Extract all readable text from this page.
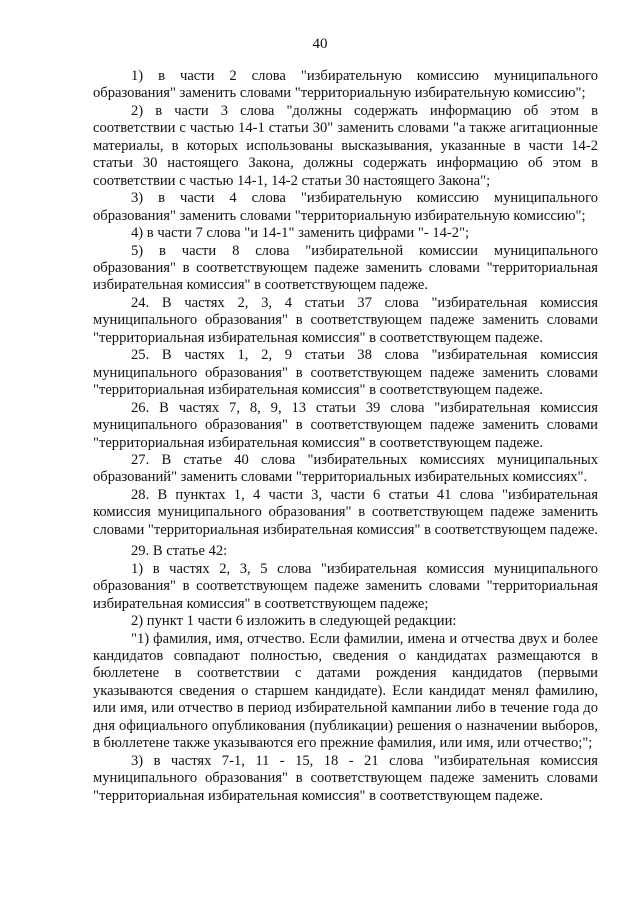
40

1) в части 2 слова "избирательную комиссию муниципального образования" заменить словами "территориальную избирательную комиссию";

2) в части 3 слова "должны содержать информацию об этом в соответствии с частью 14-1 статьи 30" заменить словами "а также агитационные материалы, в которых использованы высказывания, указанные в части 14-2 статьи 30 настоящего Закона, должны содержать информацию об этом в соответствии с частью 14-1, 14-2 статьи 30 настоящего Закона";

3) в части 4 слова "избирательную комиссию муниципального образования" заменить словами "территориальную избирательную комиссию";

4) в части 7 слова "и 14-1" заменить цифрами "- 14-2";

5) в части 8 слова "избирательной комиссии муниципального образования" в соответствующем падеже заменить словами "территориальная избирательная комиссия" в соответствующем падеже.

24. В частях 2, 3, 4 статьи 37 слова "избирательная комиссия муниципального образования" в соответствующем падеже заменить словами "территориальная избирательная комиссия" в соответствующем падеже.

25. В частях 1, 2, 9 статьи 38 слова "избирательная комиссия муниципального образования" в соответствующем падеже заменить словами "территориальная избирательная комиссия" в соответствующем падеже.

26. В частях 7, 8, 9, 13 статьи 39 слова "избирательная комиссия муниципального образования" в соответствующем падеже заменить словами "территориальная избирательная комиссия" в соответствующем падеже.

27. В статье 40 слова "избирательных комиссиях муниципальных образований" заменить словами "территориальных избирательных комиссиях".

28. В пунктах 1, 4 части 3, части 6 статьи 41 слова "избирательная комиссия муниципального образования" в соответствующем падеже заменить словами "территориальная избирательная комиссия" в соответствующем падеже.

29. В статье 42:

1) в частях 2, 3, 5 слова "избирательная комиссия муниципального образования" в соответствующем падеже заменить словами "территориальная избирательная комиссия" в соответствующем падеже;

2) пункт 1 части 6 изложить в следующей редакции:

"1) фамилия, имя, отчество. Если фамилии, имена и отчества двух и более кандидатов совпадают полностью, сведения о кандидатах размещаются в бюллетене в соответствии с датами рождения кандидатов (первыми указываются сведения о старшем кандидате). Если кандидат менял фамилию, или имя, или отчество в период избирательной кампании либо в течение года до дня официального опубликования (публикации) решения о назначении выборов, в бюллетене также указываются его прежние фамилия, или имя, или отчество;";

3) в частях 7-1, 11 - 15, 18 - 21 слова "избирательная комиссия муниципального образования" в соответствующем падеже заменить словами "территориальная избирательная комиссия" в соответствующем падеже.
